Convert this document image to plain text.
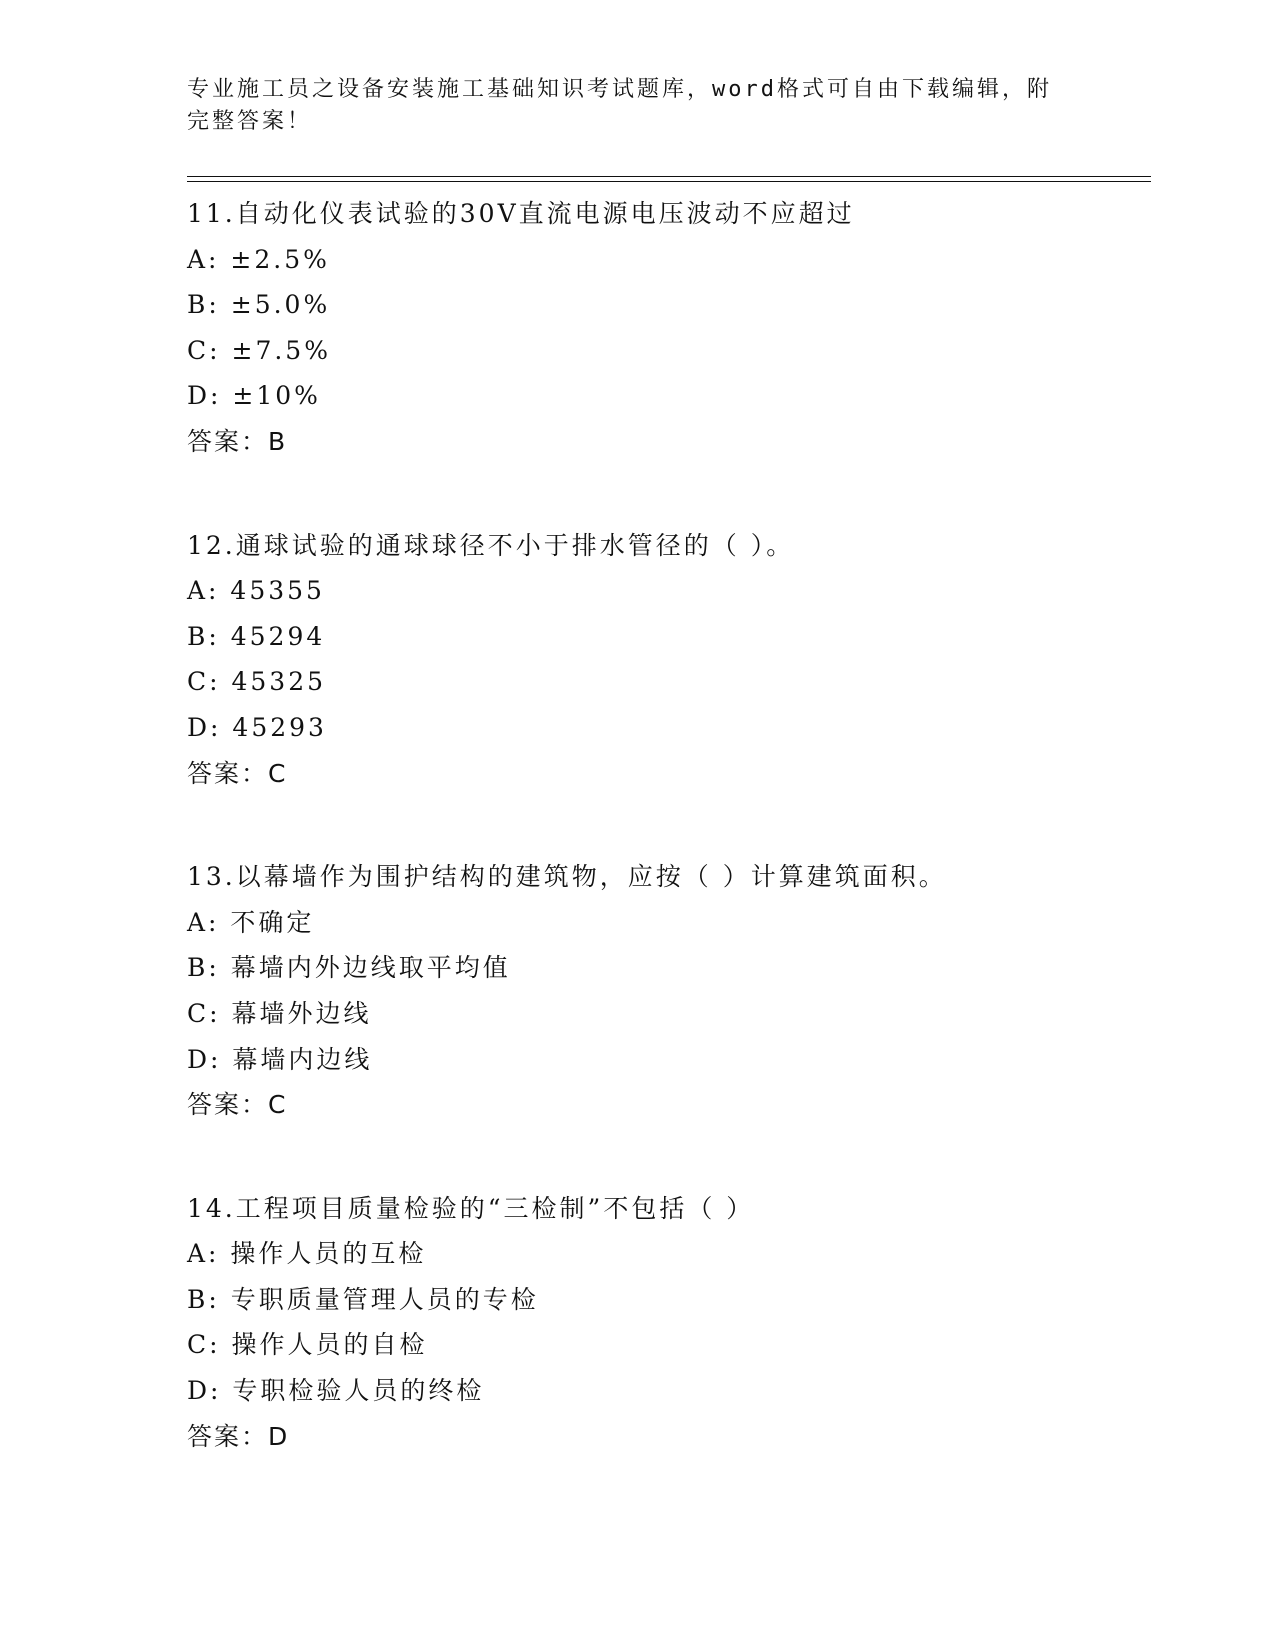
专业施工员之设备安装施工基础知识考试题库，word格式可自由下载编辑，附完整答案！
11.自动化仪表试验的30V直流电源电压波动不应超过
A: ±2.5%
B: ±5.0%
C: ±7.5%
D: ±10%
答案：B
12.通球试验的通球球径不小于排水管径的（ ）。
A: 45355
B: 45294
C: 45325
D: 45293
答案：C
13.以幕墙作为围护结构的建筑物，应按（ ）计算建筑面积。
A: 不确定
B: 幕墙内外边线取平均值
C: 幕墙外边线
D: 幕墙内边线
答案：C
14.工程项目质量检验的“三检制”不包括（ ）
A: 操作人员的互检
B: 专职质量管理人员的专检
C: 操作人员的自检
D: 专职检验人员的终检
答案：D
